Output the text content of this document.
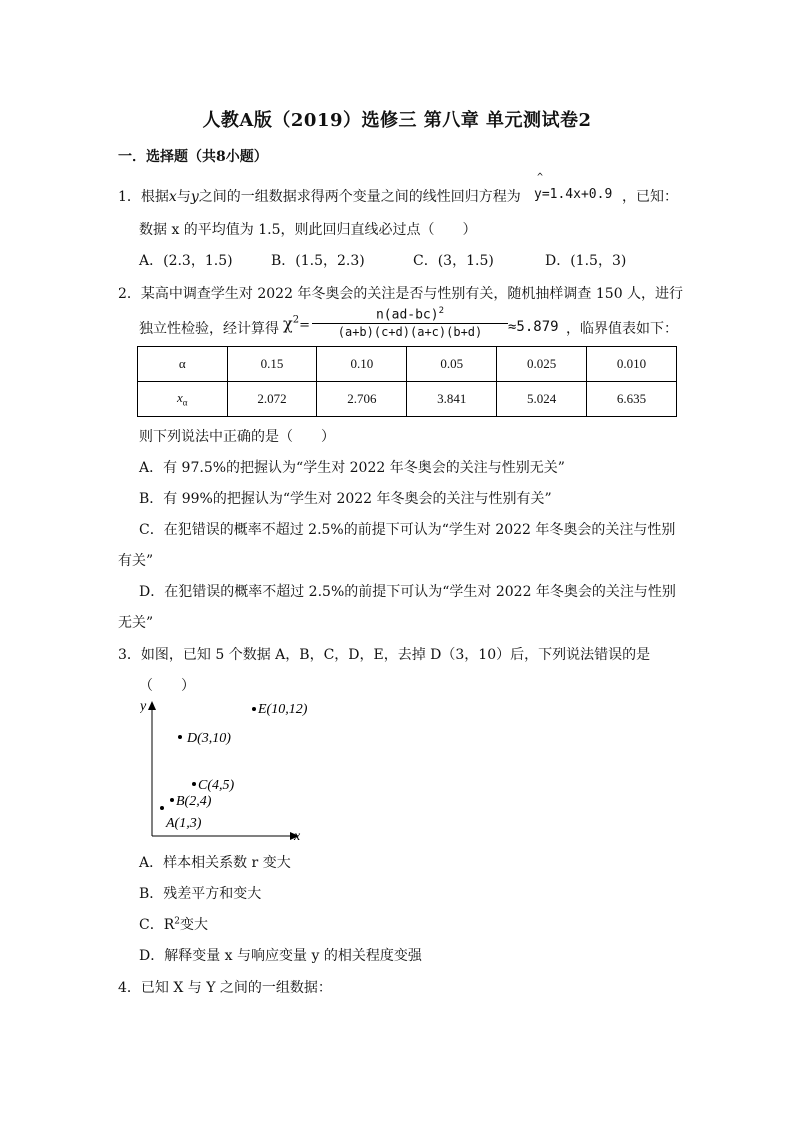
人教A版（2019）选修三 第八章 单元测试卷2
一．选择题（共8小题）
1．根据x与y之间的一组数据求得两个变量之间的线性回归方程为
^
y=1.4x+0.9 ，已知：
数据 x 的平均值为 1.5，则此回归直线必过点（　　）
A．(2.3，1.5)	B．(1.5，2.3)	C．(3，1.5)	D．(1.5，3)
2．某高中调查学生对 2022 年冬奥会的关注是否与性别有关，随机抽样调查 150 人，进行
独立性检验，经计算得 $\chi^2=$
$n(ad-bc)^2$
(a+b)(c+d)(a+c)(b+d)	≈5.879 ，临界值表如下：
α	0.15	0.10	0.05	0.025	0.010
$x_\alpha$	2.072	2.706	3.841	5.024	6.635
则下列说法中正确的是（　　）
A．有 97.5%的把握认为“学生对 2022 年冬奥会的关注与性别无关”
B．有 99%的把握认为“学生对 2022 年冬奥会的关注与性别有关”
C．在犯错误的概率不超过 2.5%的前提下可认为“学生对 2022 年冬奥会的关注与性别
有关”
D．在犯错误的概率不超过 2.5%的前提下可认为“学生对 2022 年冬奥会的关注与性别
无关”
3．如图，已知 5 个数据 A，B，C，D，E，去掉 D（3，10）后，下列说法错误的是
（　　）
y
x
E(10,12)
D(3,10)
C(4,5)
B(2,4)
A(1,3)
A．样本相关系数 r 变大
B．残差平方和变大
C．$R^2$变大
D．解释变量 x 与响应变量 y 的相关程度变强
4．已知 X 与 Y 之间的一组数据：
